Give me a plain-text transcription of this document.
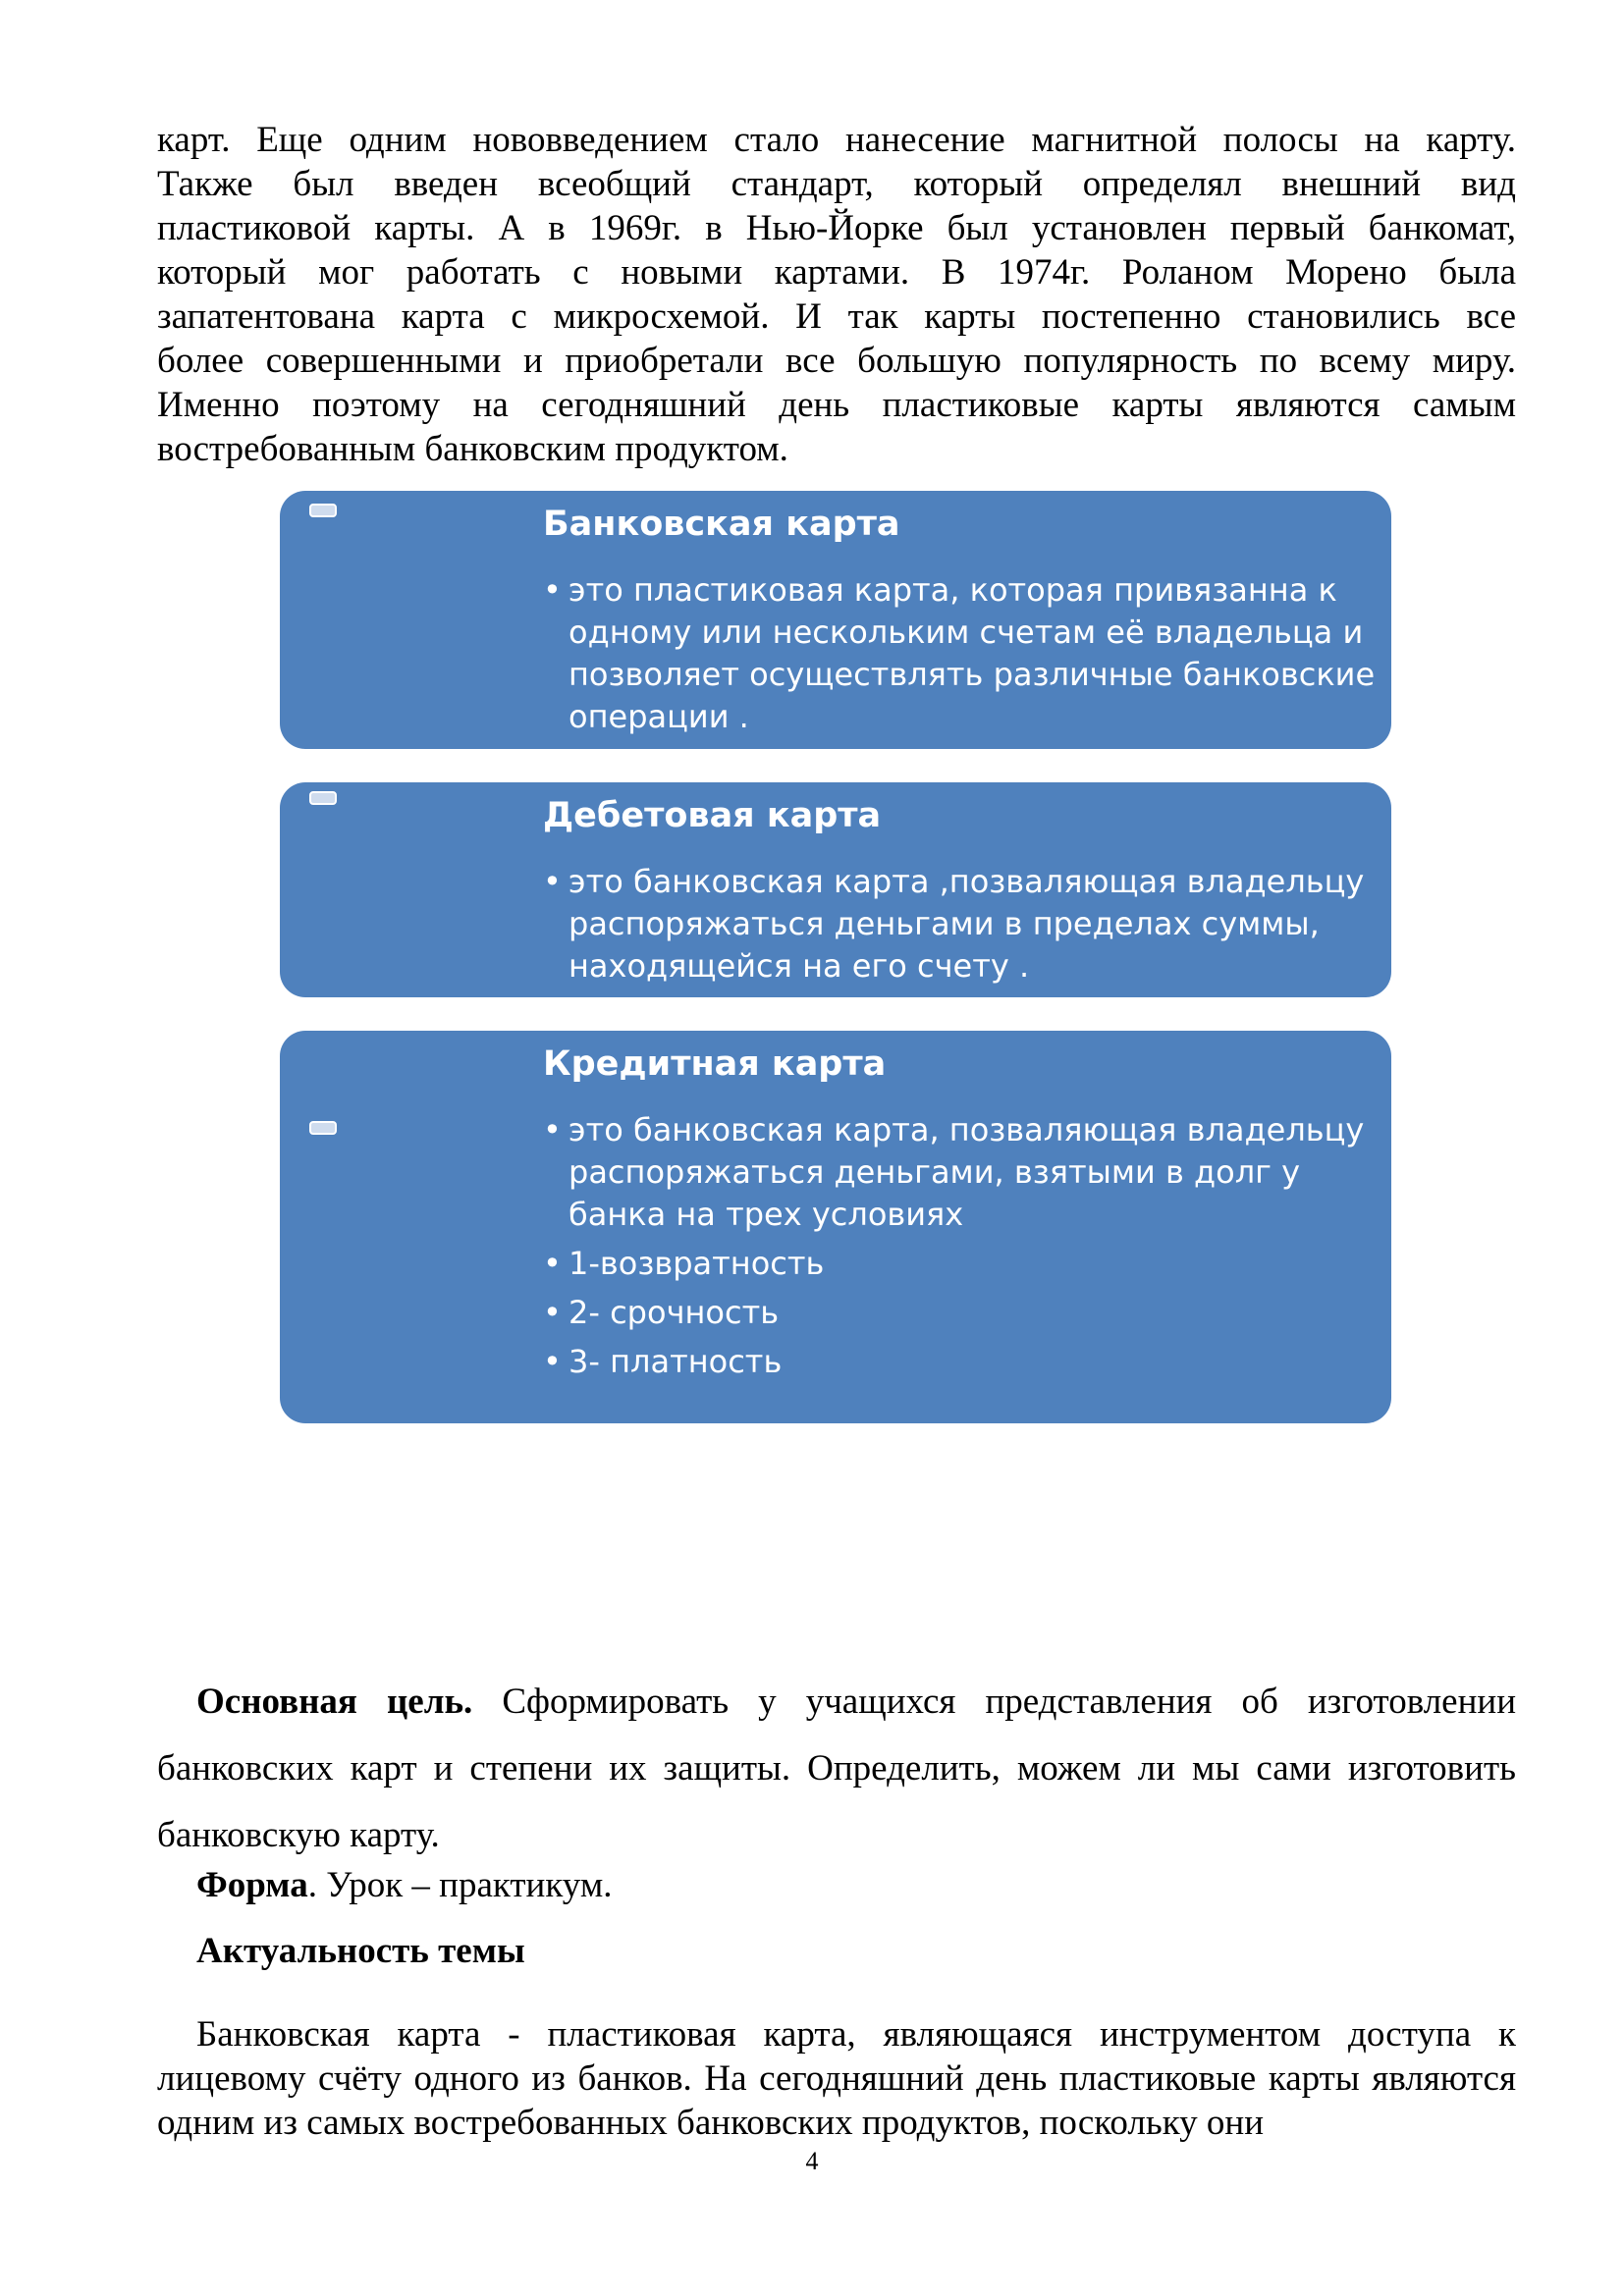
карт. Еще одним нововведением стало нанесение магнитной полосы на карту.
Также был введен всеобщий стандарт, который определял внешний вид
пластиковой карты. А в 1969г. в Нью-Йорке был установлен первый банкомат,
который мог работать с новыми картами. В 1974г. Роланом Морено была
запатентована карта с микросхемой. И так карты постепенно становились все
более совершенными и приобретали все большую популярность по всему миру.
Именно поэтому на сегодняшний день пластиковые карты являются самым
востребованным банковским продуктом.
Банковская карта
• это пластиковая карта, которая привязанна к одному или нескольким счетам её владельца и позволяет осуществлять различные банковские операции .
Дебетовая карта
• это банковская карта ,позваляющая владельцу распоряжаться деньгами в пределах суммы, находящейся на его счету .
Кредитная карта
• это банковская карта, позваляющая владельцу распоряжаться деньгами, взятыми в долг у банка на трех условиях
• 1-возвратность
• 2- срочность
• 3- платность
Основная цель. Сформировать у учащихся представления об изготовлении банковских карт и степени их защиты. Определить, можем ли мы сами изготовить банковскую карту.
Форма. Урок – практикум.
Актуальность темы
Банковская карта - пластиковая карта, являющаяся инструментом доступа к лицевому счёту одного из банков. На сегодняшний день пластиковые карты являются одним из самых востребованных банковских продуктов, поскольку они
4
